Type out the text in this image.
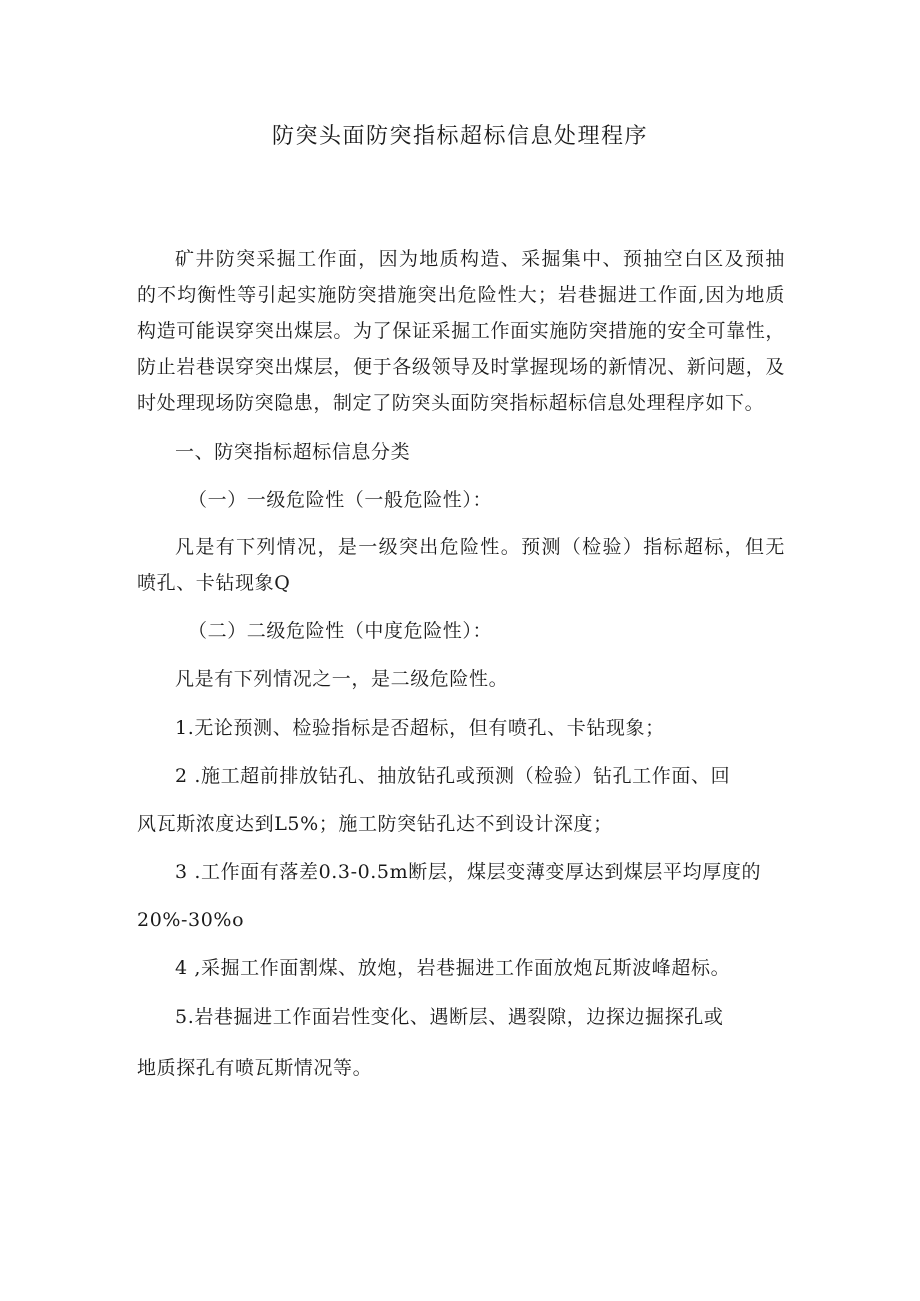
防突头面防突指标超标信息处理程序
矿井防突采掘工作面，因为地质构造、采掘集中、预抽空白区及预抽
的不均衡性等引起实施防突措施突出危险性大；岩巷掘进工作面,因为地质
构造可能误穿突出煤层。为了保证采掘工作面实施防突措施的安全可靠性，
防止岩巷误穿突出煤层，便于各级领导及时掌握现场的新情况、新问题，及
时处理现场防突隐患，制定了防突头面防突指标超标信息处理程序如下。
一、防突指标超标信息分类
（一）一级危险性（一般危险性）：
凡是有下列情况，是一级突出危险性。预测（检验）指标超标，但无
喷孔、卡钻现象Q
（二）二级危险性（中度危险性）：
凡是有下列情况之一，是二级危险性。
1.无论预测、检验指标是否超标，但有喷孔、卡钻现象；
2 .施工超前排放钻孔、抽放钻孔或预测（检验）钻孔工作面、回
风瓦斯浓度达到L5%；施工防突钻孔达不到设计深度；
3 .工作面有落差0.3-0.5m断层，煤层变薄变厚达到煤层平均厚度的
20%-30%o
4 ,采掘工作面割煤、放炮，岩巷掘进工作面放炮瓦斯波峰超标。
5.岩巷掘进工作面岩性变化、遇断层、遇裂隙，边探边掘探孔或
地质探孔有喷瓦斯情况等。
